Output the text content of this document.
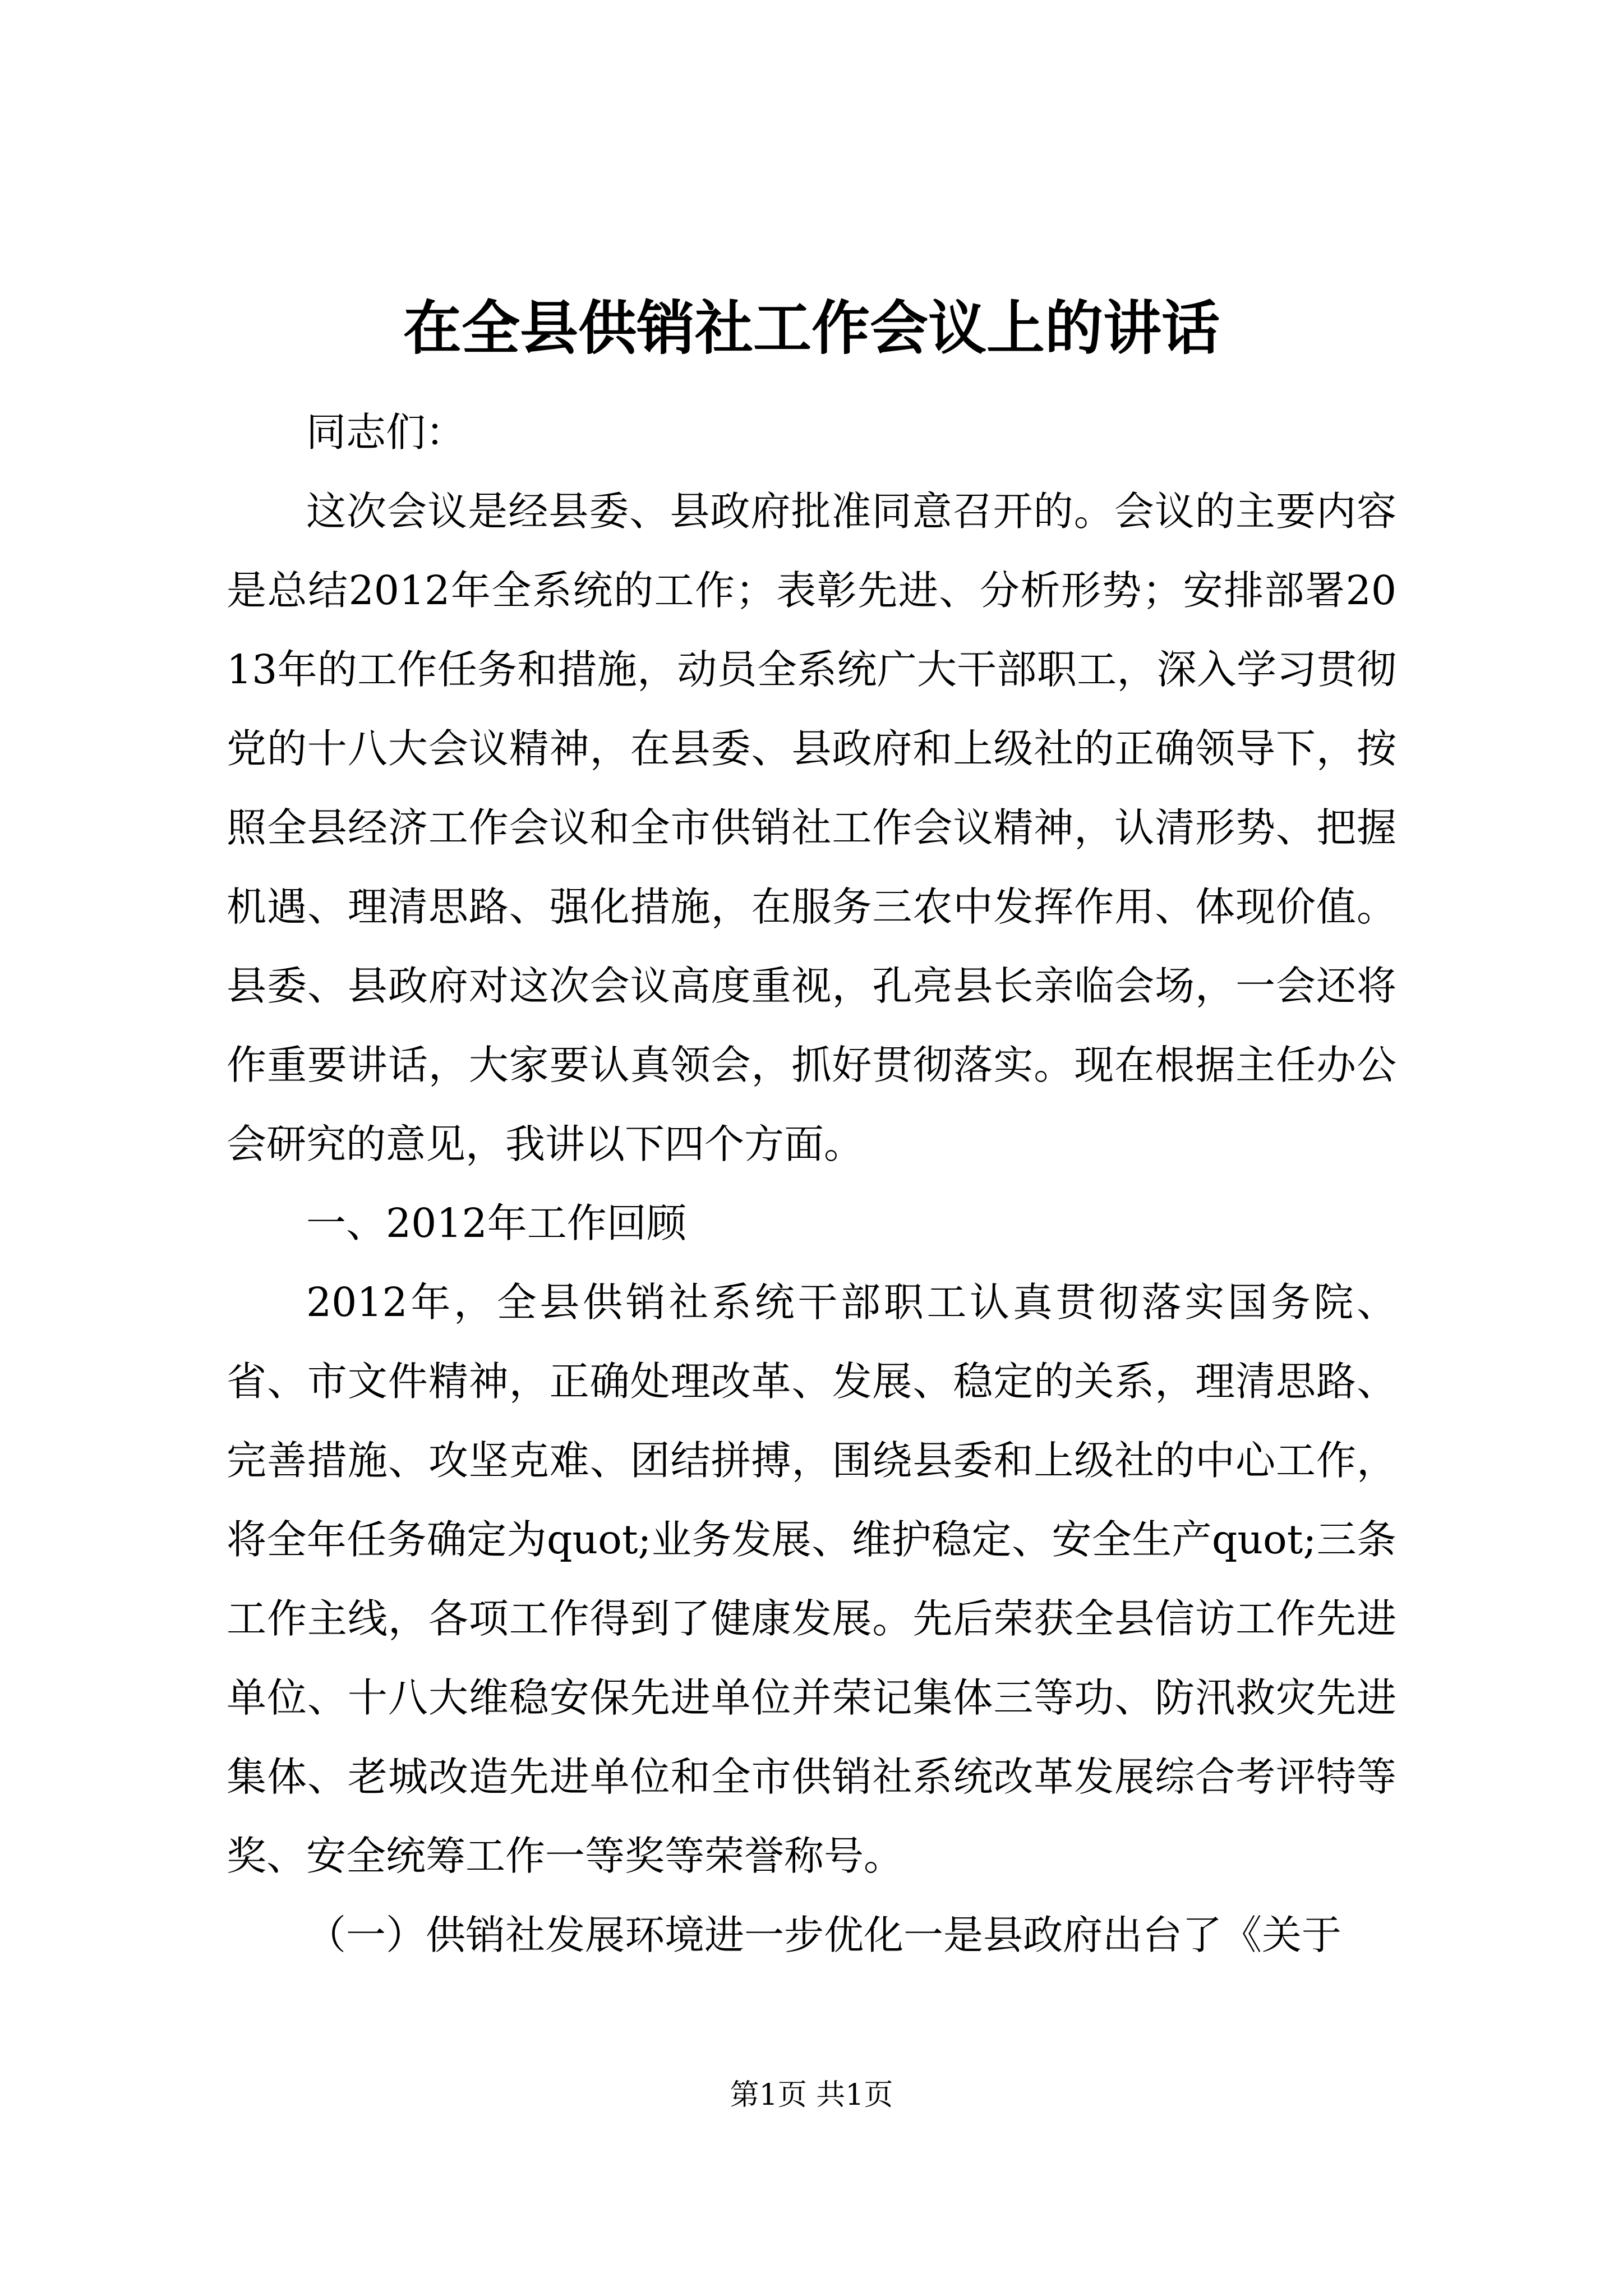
在全县供销社工作会议上的讲话

同志们：

这次会议是经县委、县政府批准同意召开的。会议的主要内容是总结2012年全系统的工作；表彰先进、分析形势；安排部署2013年的工作任务和措施，动员全系统广大干部职工，深入学习贯彻党的十八大会议精神，在县委、县政府和上级社的正确领导下，按照全县经济工作会议和全市供销社工作会议精神，认清形势、把握机遇、理清思路、强化措施，在服务三农中发挥作用、体现价值。县委、县政府对这次会议高度重视，孔亮县长亲临会场，一会还将作重要讲话，大家要认真领会，抓好贯彻落实。现在根据主任办公会研究的意见，我讲以下四个方面。

一、2012年工作回顾

2012年，全县供销社系统干部职工认真贯彻落实国务院、省、市文件精神，正确处理改革、发展、稳定的关系，理清思路、完善措施、攻坚克难、团结拼搏，围绕县委和上级社的中心工作，将全年任务确定为quot;业务发展、维护稳定、安全生产quot;三条工作主线，各项工作得到了健康发展。先后荣获全县信访工作先进单位、十八大维稳安保先进单位并荣记集体三等功、防汛救灾先进集体、老城改造先进单位和全市供销社系统改革发展综合考评特等奖、安全统筹工作一等奖等荣誉称号。

（一）供销社发展环境进一步优化一是县政府出台了《关于

第1页 共1页
